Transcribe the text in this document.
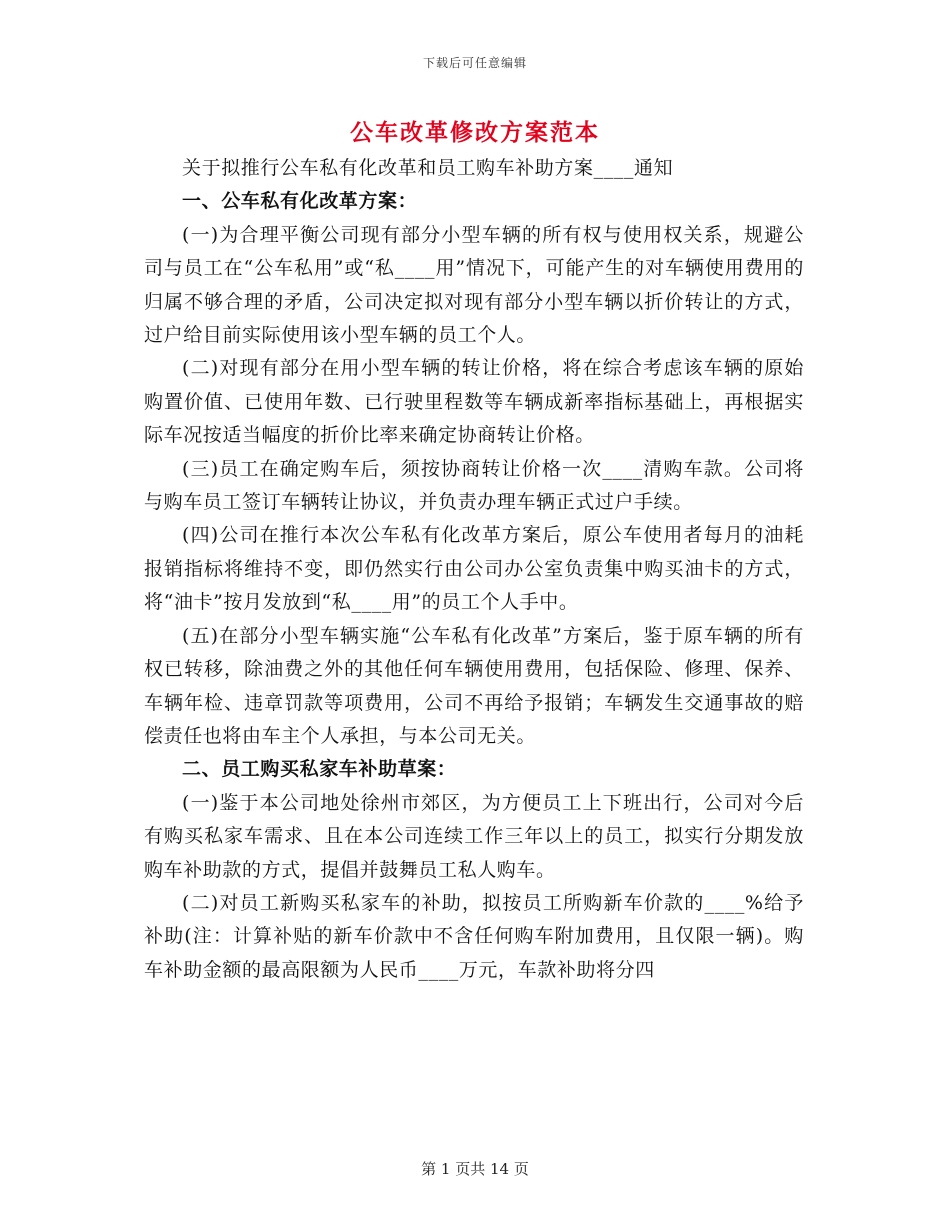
下载后可任意编辑
公车改革修改方案范本

关于拟推行公车私有化改革和员工购车补助方案____通知

一、公车私有化改革方案：

(一)为合理平衡公司现有部分小型车辆的所有权与使用权关系，规避公司与员工在“公车私用”或“私____用”情况下，可能产生的对车辆使用费用的归属不够合理的矛盾，公司决定拟对现有部分小型车辆以折价转让的方式，过户给目前实际使用该小型车辆的员工个人。

(二)对现有部分在用小型车辆的转让价格，将在综合考虑该车辆的原始购置价值、已使用年数、已行驶里程数等车辆成新率指标基础上，再根据实际车况按适当幅度的折价比率来确定协商转让价格。

(三)员工在确定购车后，须按协商转让价格一次____清购车款。公司将与购车员工签订车辆转让协议，并负责办理车辆正式过户手续。

(四)公司在推行本次公车私有化改革方案后，原公车使用者每月的油耗报销指标将维持不变，即仍然实行由公司办公室负责集中购买油卡的方式，将“油卡”按月发放到“私____用”的员工个人手中。

(五)在部分小型车辆实施“公车私有化改革”方案后，鉴于原车辆的所有权已转移，除油费之外的其他任何车辆使用费用，包括保险、修理、保养、车辆年检、违章罚款等项费用，公司不再给予报销；车辆发生交通事故的赔偿责任也将由车主个人承担，与本公司无关。

二、员工购买私家车补助草案：

(一)鉴于本公司地处徐州市郊区，为方便员工上下班出行，公司对今后有购买私家车需求、且在本公司连续工作三年以上的员工，拟实行分期发放购车补助款的方式，提倡并鼓舞员工私人购车。

(二)对员工新购买私家车的补助，拟按员工所购新车价款的____%给予补助(注：计算补贴的新车价款中不含任何购车附加费用，且仅限一辆)。购车补助金额的最高限额为人民币____万元，车款补助将分四

第 1 页共 14 页
